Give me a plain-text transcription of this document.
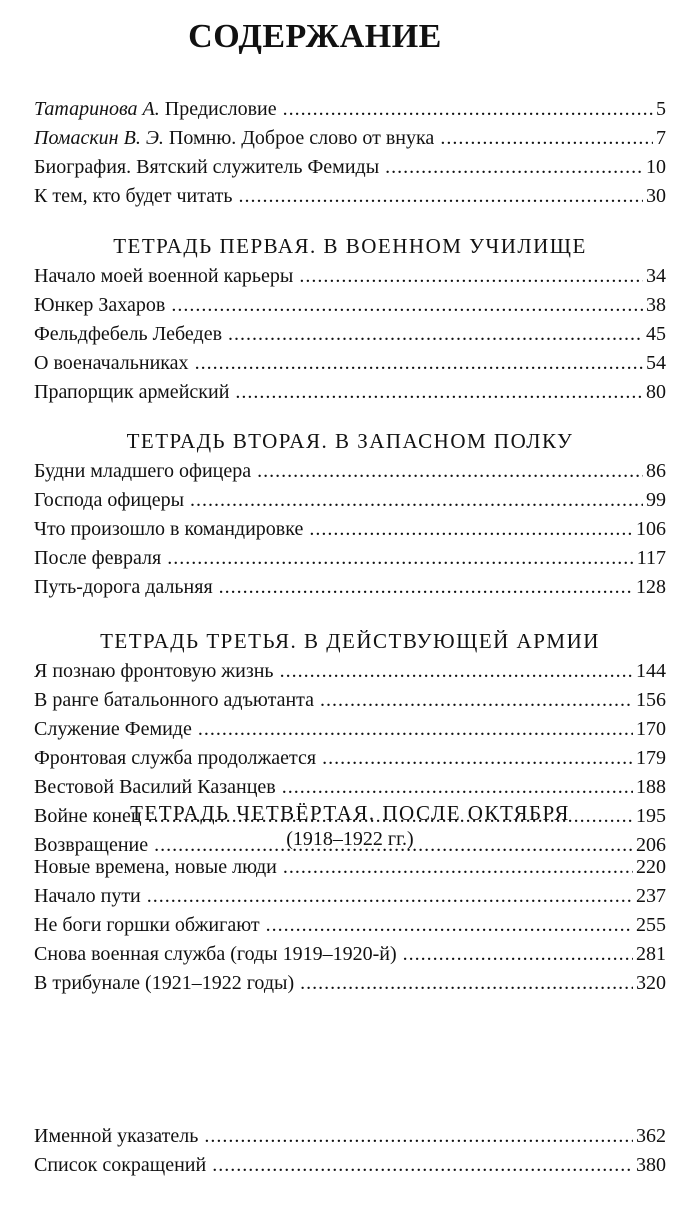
СОДЕРЖАНИЕ
Татаринова А. Предисловие .....	5
Помаскин В. Э. Помню. Доброе слово от внука .....	7
Биография. Вятский служитель Фемиды .....	10
К тем, кто будет читать .....	30
ТЕТРАДЬ ПЕРВАЯ. В ВОЕННОМ УЧИЛИЩЕ
Начало моей военной карьеры .....	34
Юнкер Захаров .....	38
Фельдфебель Лебедев .....	45
О военачальниках .....	54
Прапорщик армейский .....	80
ТЕТРАДЬ ВТОРАЯ. В ЗАПАСНОМ ПОЛКУ
Будни младшего офицера .....	86
Господа офицеры .....	99
Что произошло в командировке .....	106
После февраля .....	117
Путь-дорога дальняя .....	128
ТЕТРАДЬ ТРЕТЬЯ. В ДЕЙСТВУЮЩЕЙ АРМИИ
Я познаю фронтовую жизнь .....	144
В ранге батальонного адъютанта .....	156
Служение Фемиде .....	170
Фронтовая служба продолжается .....	179
Вестовой Василий Казанцев .....	188
Войне конец .....	195
Возвращение .....	206
ТЕТРАДЬ ЧЕТВЁРТАЯ. ПОСЛЕ ОКТЯБРЯ
(1918–1922 гг.)
Новые времена, новые люди .....	220
Начало пути .....	237
Не боги горшки обжигают .....	255
Снова военная служба (годы 1919–1920-й) .....	281
В трибунале (1921–1922 годы) .....	320
Именной указатель .....	362
Список сокращений .....	380
